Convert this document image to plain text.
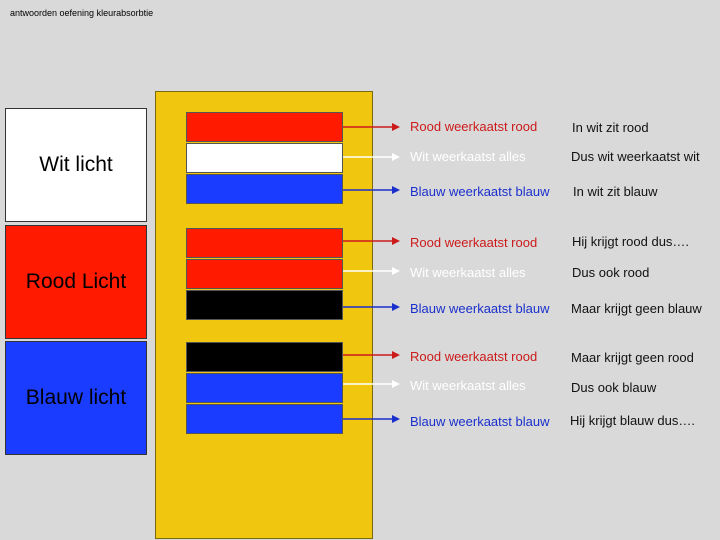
antwoorden oefening kleurabsorbtie
Wit licht
Rood Licht
Blauw licht
Rood weerkaatst rood
Wit weerkaatst alles
Blauw weerkaatst blauw
Rood weerkaatst rood
Wit weerkaatst alles
Blauw weerkaatst blauw
Rood weerkaatst rood
Wit weerkaatst alles
Blauw weerkaatst blauw
In wit zit rood
Dus wit weerkaatst wit
In wit zit blauw
Hij krijgt rood dus….
Dus ook rood
Maar krijgt geen blauw
Maar krijgt geen rood
Dus ook blauw
Hij krijgt blauw dus….
